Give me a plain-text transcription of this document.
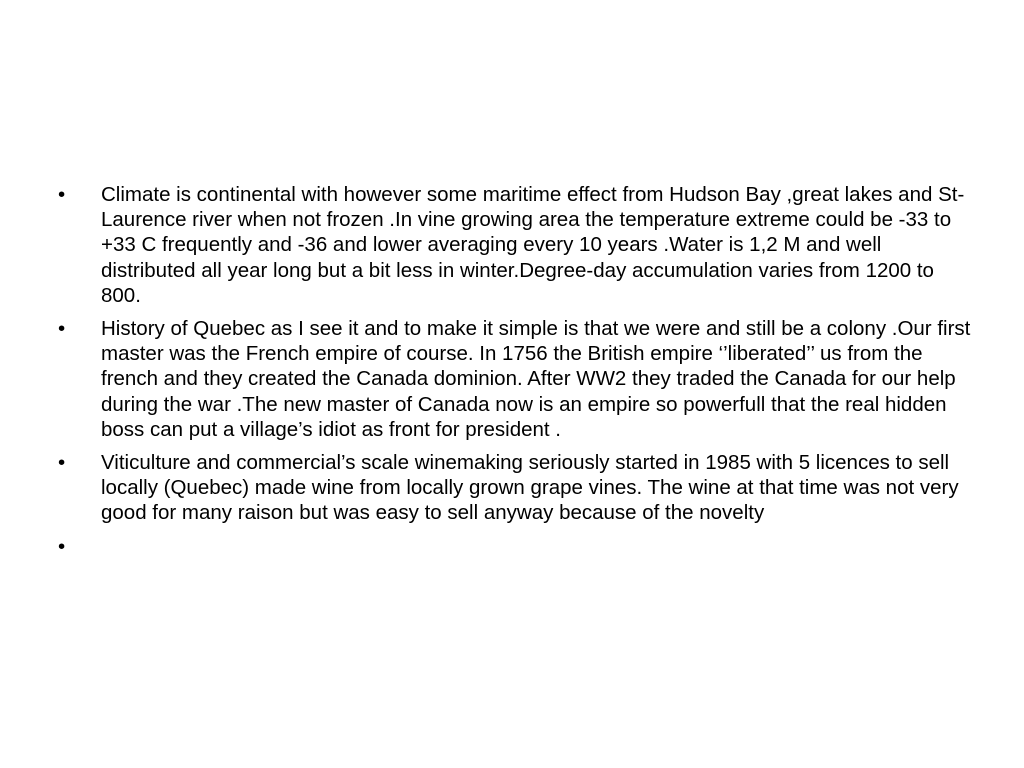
•	Climate is continental with however some maritime effect from Hudson Bay ,great lakes and St-Laurence river when not frozen .In vine growing area the temperature extreme could be -33 to +33 C frequently and -36 and lower averaging every 10 years .Water is 1,2 M and well distributed all year long but a bit less in winter.Degree-day accumulation varies from 1200 to 800.
•	History of Quebec as I see it and to make it simple is that we were and still be a colony .Our first master was the French empire of course. In 1756 the British empire ‘’liberated’’ us from the french and they created the Canada dominion. After WW2 they traded the Canada for our help during the war .The new master of Canada now is an empire so powerfull that the real hidden boss can put a village’s idiot as front for president .
•	Viticulture and commercial’s scale winemaking seriously started in 1985 with 5 licences to sell locally (Quebec) made wine from locally grown grape vines. The wine at that time was not very good for many raison but was easy to sell anyway because of the novelty
•
